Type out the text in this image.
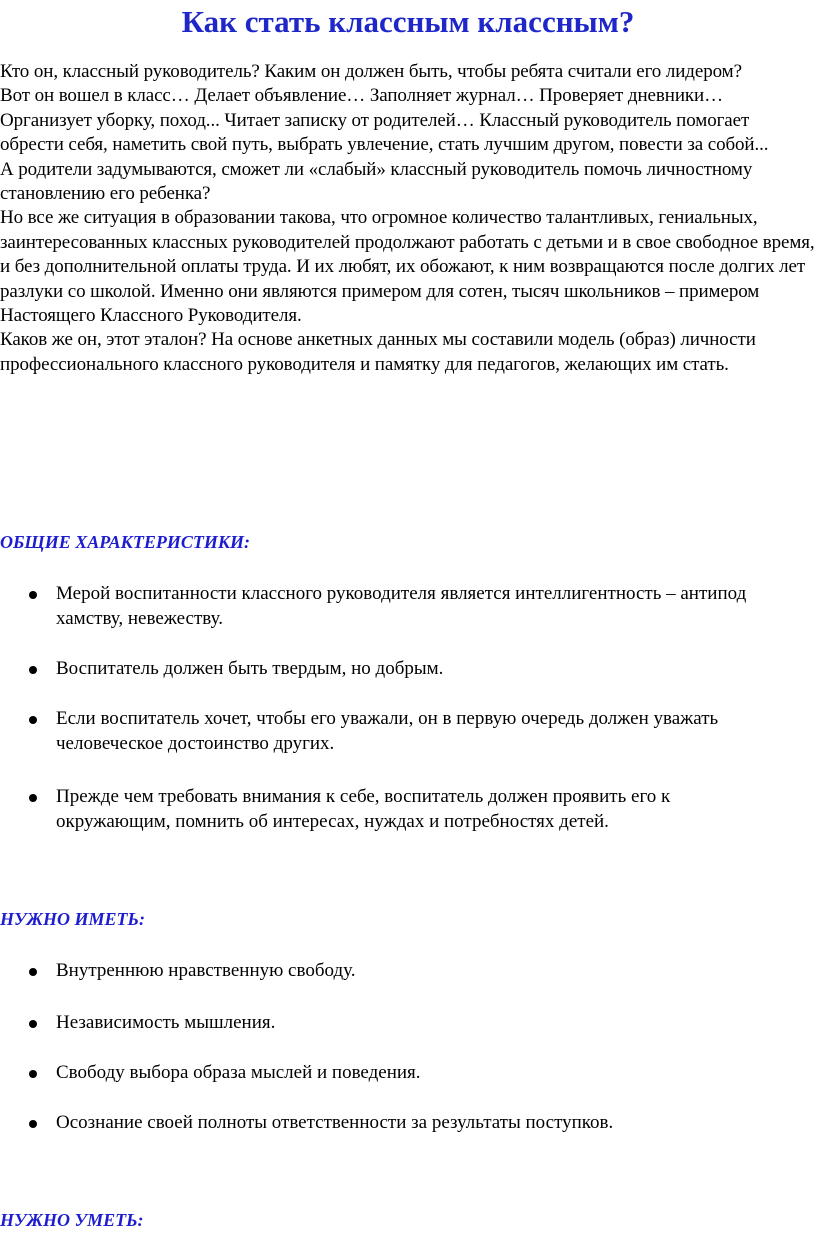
Как стать классным классным?

Кто он, классный руководитель? Каким он должен быть, чтобы ребята считали его лидером?

Вот он вошел в класс… Делает объявление… Заполняет журнал… Проверяет дневники… Организует уборку, поход... Читает записку от родителей… Классный руководитель помогает обрести себя, наметить свой путь, выбрать увлечение, стать лучшим другом, повести за собой...

А родители задумываются, сможет ли «слабый» классный руководитель помочь личностному становлению его ребенка?

Но все же ситуация в образовании такова, что огромное количество талантливых, гениальных, заинтересованных классных руководителей продолжают работать с детьми и в свое свободное время, и без дополнительной оплаты труда. И их любят, их обожают, к ним возвращаются после долгих лет разлуки со школой. Именно они являются примером для сотен, тысяч школьников – примером Настоящего Классного Руководителя.

Каков же он, этот эталон? На основе анкетных данных мы составили модель (образ) личности профессионального классного руководителя и памятку для педагогов, желающих им стать.

ОБЩИЕ ХАРАКТЕРИСТИКИ:
Мерой воспитанности классного руководителя является интеллигентность – антипод хамству, невежеству.
Воспитатель должен быть твердым, но добрым.
Если воспитатель хочет, чтобы его уважали, он в первую очередь должен уважать человеческое достоинство других.
Прежде чем требовать внимания к себе, воспитатель должен проявить его к окружающим, помнить об интересах, нуждах и потребностях детей.
НУЖНО ИМЕТЬ:
Внутреннюю нравственную свободу.
Независимость мышления.
Свободу выбора образа мыслей и поведения.
Осознание своей полноты ответственности за результаты поступков.
НУЖНО УМЕТЬ:
